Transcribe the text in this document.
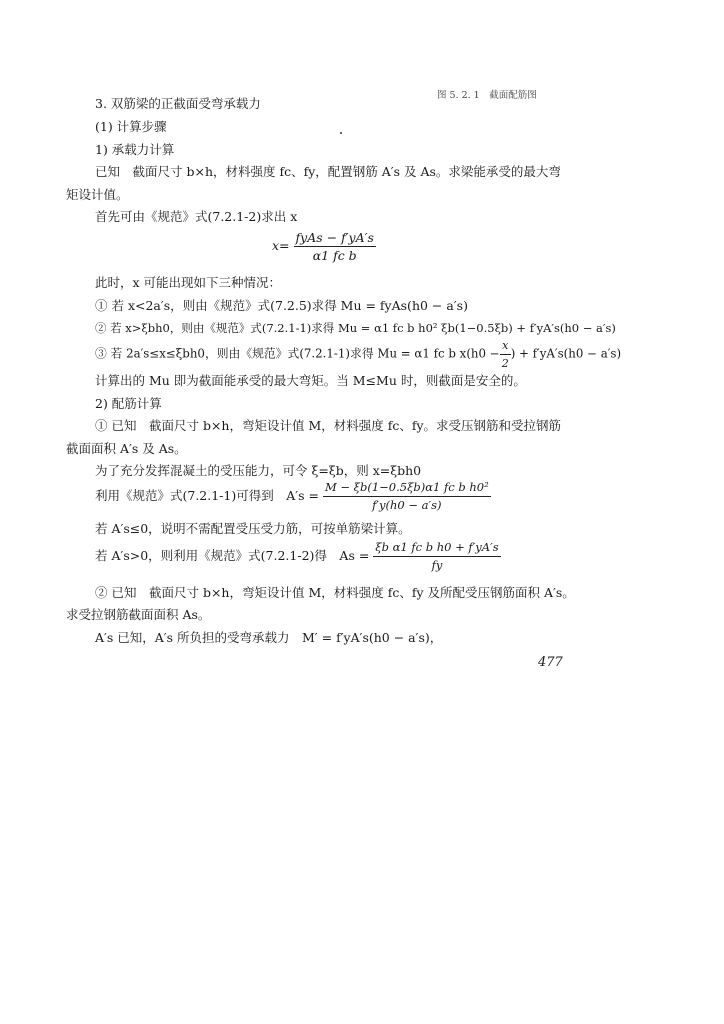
图 5. 2. 1　截面配筋图
3. 双筋梁的正截面受弯承载力
(1) 计算步骤
1) 承载力计算
已知　截面尺寸 b×h，材料强度 fc、fy，配置钢筋 A′s 及 As。求梁能承受的最大弯
矩设计值。
首先可由《规范》式(7.2.1-2)求出 x
$x= \frac{\text{fyAs − f′yA′s}}{\text{α1 fc b}}$
此时，x 可能出现如下三种情况：
① 若 x<2a′s，则由《规范》式(7.2.5)求得 Mu = fyAs(h0 − a′s)
② 若 x>ξbh0，则由《规范》式(7.2.1-1)求得 Mu = α1 fc b h0² ξb(1−0.5ξb) + f′yA′s(h0 − a′s)
③ 若 2a′s≤x≤ξbh0，则由《规范》式(7.2.1-1)求得 Mu = α1 fc b $x(h0 - \frac{x}{2}$ ) + f′yA′s(h0 − a′s)
计算出的 Mu 即为截面能承受的最大弯矩。当 M≤Mu 时，则截面是安全的。
2) 配筋计算
① 已知　截面尺寸 b×h，弯矩设计值 M，材料强度 fc、fy。求受压钢筋和受拉钢筋
截面面积 A′s 及 As。
为了充分发挥混凝土的受压能力，可令 ξ=ξb，则 x=ξbh0
利用《规范》式(7.2.1-1)可得到　$A's = \frac{\text{M − ξb(1−0.5ξb)α1 fc b h0²}}{f'y(h0 - a's)}$
若 A′s≤0，说明不需配置受压受力筋，可按单筋梁计算。
若 A′s>0，则利用《规范》式(7.2.1-2)得　$As = \frac{\text{ξb α1 fc b h0 + f′yA′s}}{fy}$
② 已知　截面尺寸 b×h，弯矩设计值 M，材料强度 fc、fy 及所配受压钢筋面积 A′s。
求受拉钢筋截面面积 As。
A′s 已知，A′s 所负担的受弯承载力　M′ = f′yA′s(h0 − a′s)，
477
